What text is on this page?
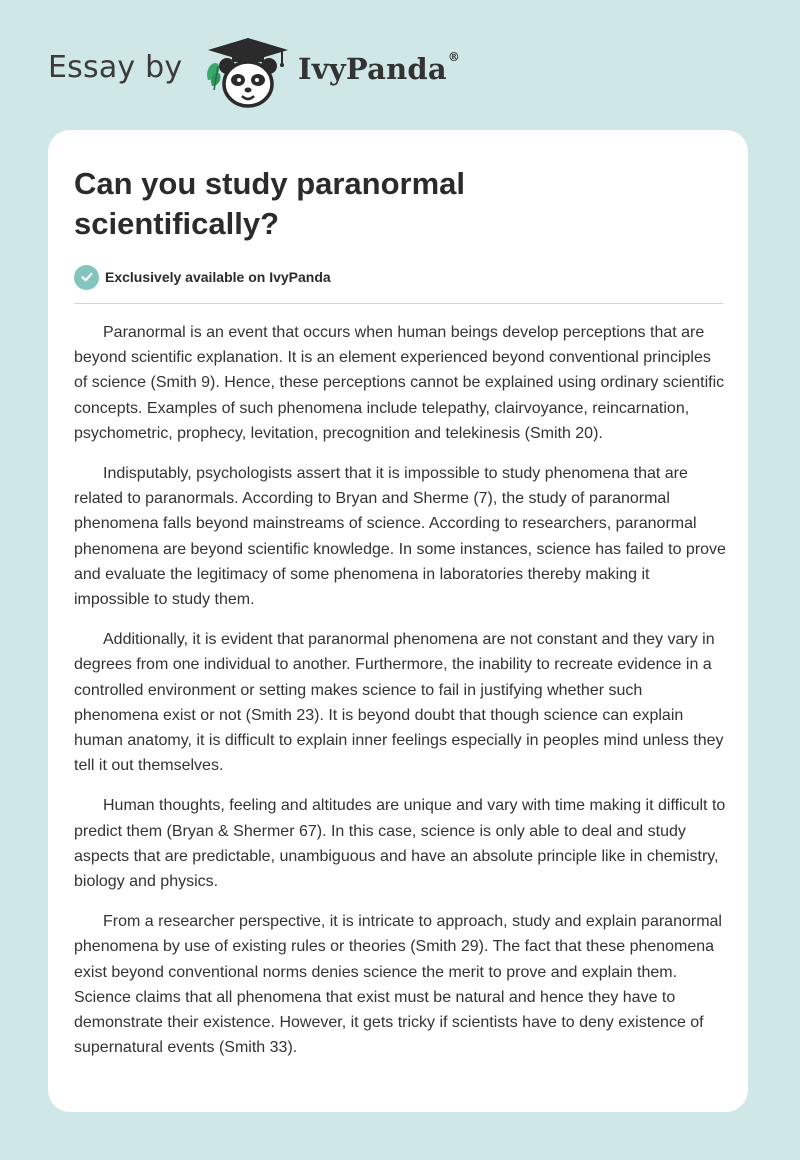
Essay by	IvyPanda®
Can you study paranormal scientifically?
Exclusively available on IvyPanda

Paranormal is an event that occurs when human beings develop perceptions that are beyond scientific explanation. It is an element experienced beyond conventional principles of science (Smith 9). Hence, these perceptions cannot be explained using ordinary scientific concepts. Examples of such phenomena include telepathy, clairvoyance, reincarnation, psychometric, prophecy, levitation, precognition and telekinesis (Smith 20).

Indisputably, psychologists assert that it is impossible to study phenomena that are related to paranormals. According to Bryan and Sherme (7), the study of paranormal phenomena falls beyond mainstreams of science. According to researchers, paranormal phenomena are beyond scientific knowledge. In some instances, science has failed to prove and evaluate the legitimacy of some phenomena in laboratories thereby making it impossible to study them.

Additionally, it is evident that paranormal phenomena are not constant and they vary in degrees from one individual to another. Furthermore, the inability to recreate evidence in a controlled environment or setting makes science to fail in justifying whether such phenomena exist or not (Smith 23). It is beyond doubt that though science can explain human anatomy, it is difficult to explain inner feelings especially in peoples mind unless they tell it out themselves.

Human thoughts, feeling and altitudes are unique and vary with time making it difficult to predict them (Bryan & Shermer 67). In this case, science is only able to deal and study aspects that are predictable, unambiguous and have an absolute principle like in chemistry, biology and physics.

From a researcher perspective, it is intricate to approach, study and explain paranormal phenomena by use of existing rules or theories (Smith 29). The fact that these phenomena exist beyond conventional norms denies science the merit to prove and explain them. Science claims that all phenomena that exist must be natural and hence they have to demonstrate their existence. However, it gets tricky if scientists have to deny existence of supernatural events (Smith 33).
